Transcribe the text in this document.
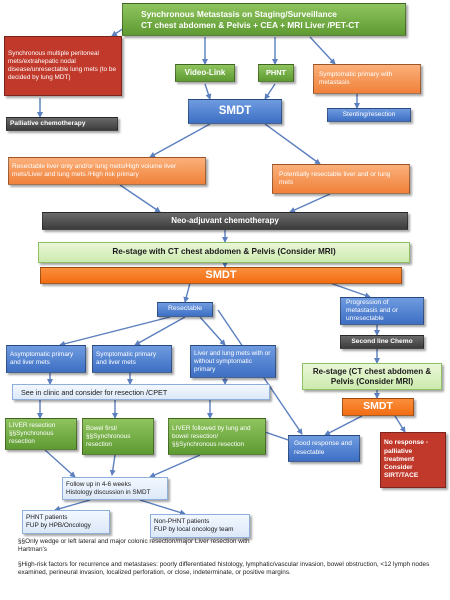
Synchronous Metastasis on Staging/Surveillance
CT chest abdomen & Pelvis + CEA + MRI Liver /PET-CT
Synchronous multiple peritoneal mets/extrahepatic nodal disease/unresectable lung mets (to be decided by lung MDT)
Video-Link	PHNT	Symptomatic primary with metastasis
Palliative chemotherapy
SMDT	Stenting/resection
Resectable liver only and/or lung mets/High volume liver mets/Liver and lung mets /High risk primary	Potentially resectable liver and or lung mets
Neo-adjuvant chemotherapy
Re-stage with CT chest abdomen & Pelvis (Consider MRI)
SMDT
Resectable
Progression of metastasis and or unresectable
Second line Chemo
Asymptomatic primary and liver mets
Symptomatic primary and liver mets
Liver and lung mets with or without symptomatic primary	Re-stage (CT chest abdomen & Pelvis (Consider MRI)
See in clinic and consider for resection /CPET
SMDT
LIVER resection
§§Synchronous resection
Bowel first/
§§Synchronous resection
LIVER followed by lung and bowel resection/
§§Synchronous resection	Good response and resectable
No response - palliative treatment
Consider SIRT/TACE
Follow up in 4-6 weeks
Histology discussion in SMDT
PHNT patients
FUP by HPB/Oncology
Non-PHNT patients
FUP by local oncology team
§§Only wedge or left lateral and major colonic resection/major Liver resection with Hartman's
§High-risk factors for recurrence and metastases: poorly differentiated histology, lymphatic/vascular invasion, bowel obstruction, <12 lymph nodes examined, perineural invasion, localized perforation, or close, indeterminate, or positive margins.
